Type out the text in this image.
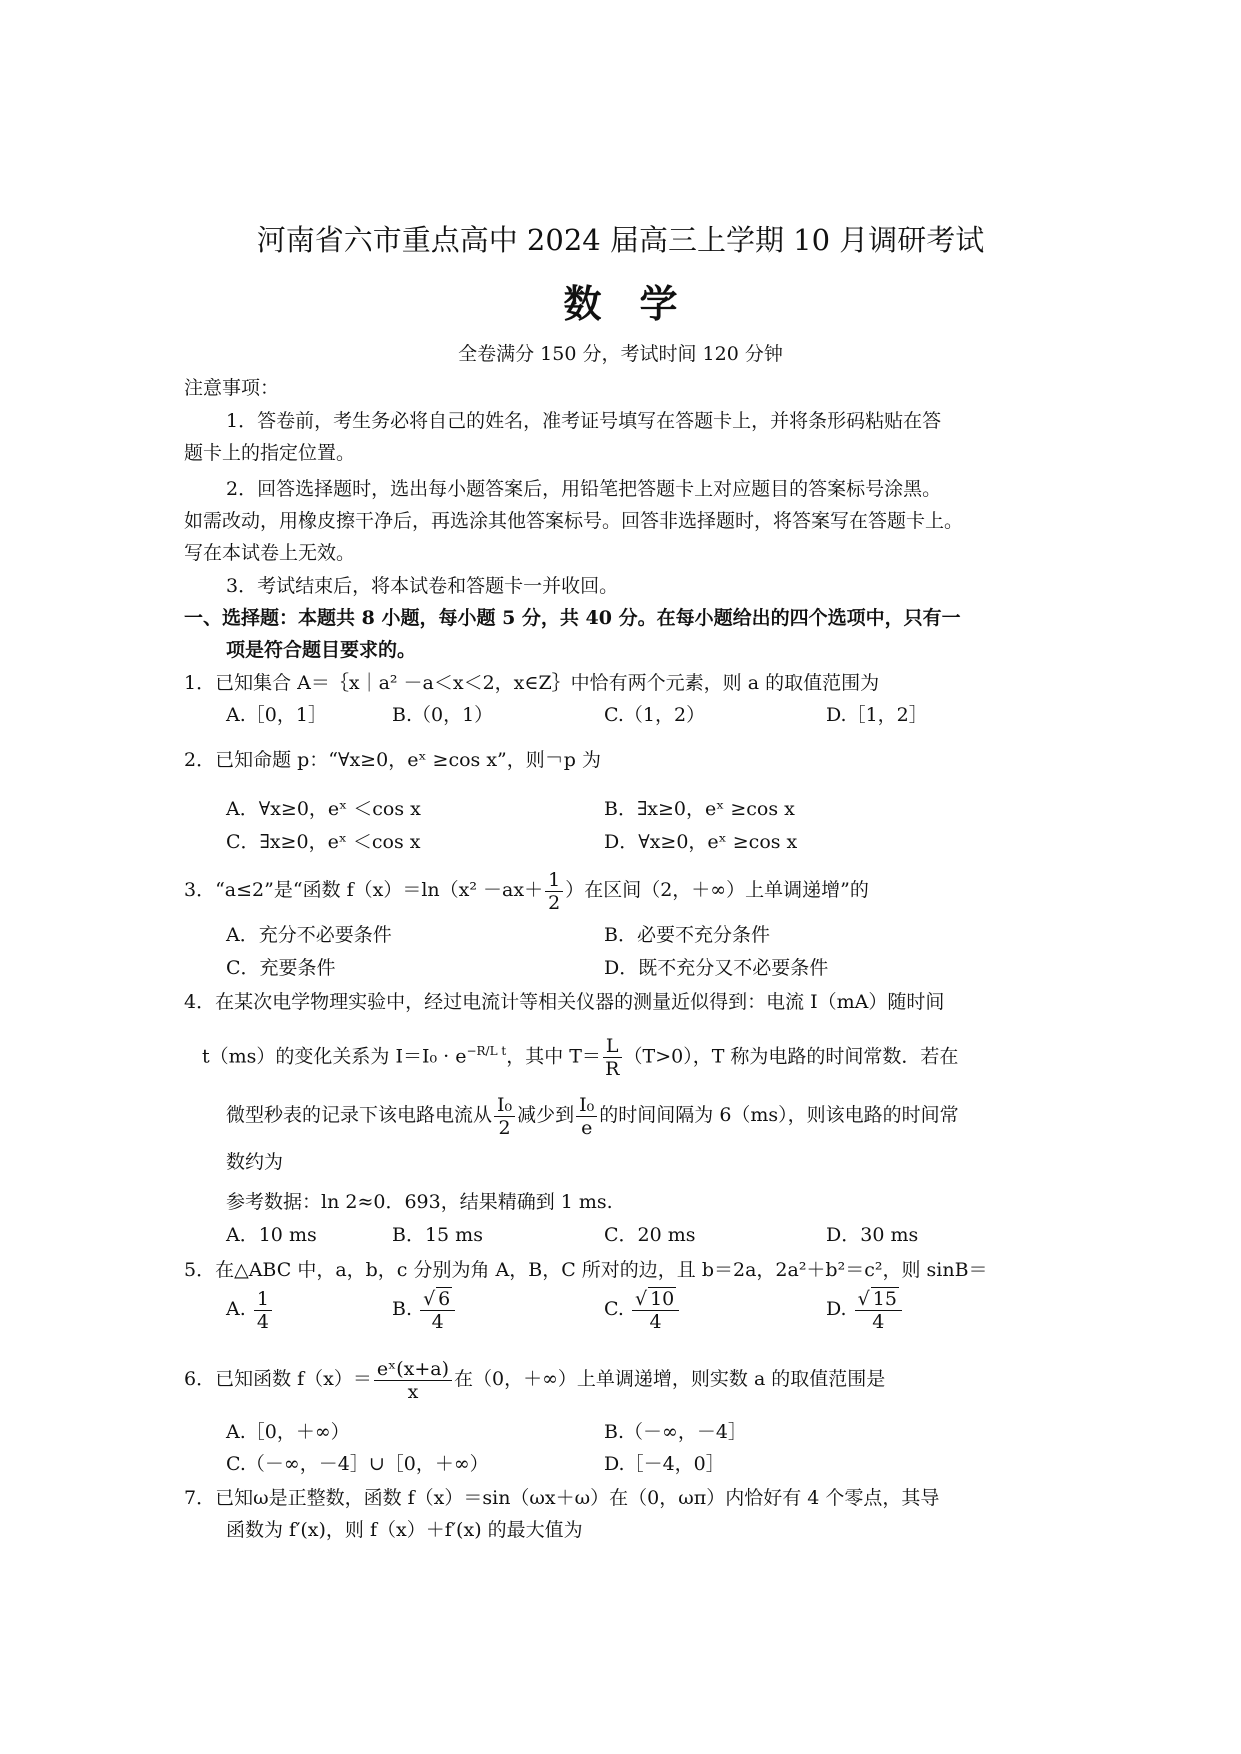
河南省六市重点高中 2024 届高三上学期 10 月调研考试
数学
全卷满分 150 分，考试时间 120 分钟
注意事项：
1．答卷前，考生务必将自己的姓名，准考证号填写在答题卡上，并将条形码粘贴在答
题卡上的指定位置。
2．回答选择题时，选出每小题答案后，用铅笔把答题卡上对应题目的答案标号涂黑。
如需改动，用橡皮擦干净后，再选涂其他答案标号。回答非选择题时，将答案写在答题卡上。
写在本试卷上无效。
3．考试结束后，将本试卷和答题卡一并收回。
一、选择题：本题共 8 小题，每小题 5 分，共 40 分。在每小题给出的四个选项中，只有一
项是符合题目要求的。
1．已知集合 A＝｛x｜a² －a＜x＜2，x∈Z｝中恰有两个元素，则 a 的取值范围为
A.［0，1］	B.（0，1）	C.（1，2）	D.［1，2］
2．已知命题 p：“∀x≥0，eˣ ≥cos x”，则￢p 为
A．∀x≥0，eˣ ＜cos x	B．∃x≥0，eˣ ≥cos x
C．∃x≥0，eˣ ＜cos x	D．∀x≥0，eˣ ≥cos x
3．“a≤2”是“函数 $f(x)=\ln(x^2 -ax+ \frac{1}{2}$ ）在区间（2，＋∞）上单调递增”的
A．充分不必要条件	B．必要不充分条件
C．充要条件	D．既不充分又不必要条件
4．在某次电学物理实验中，经过电流计等相关仪器的测量近似得到：电流 I（mA）随时间
t（ms）的变化关系为 $I=I_0 \cdot e^{-R/L t}$，其中 $T= \frac{L}{R} (T>0)$，T 称为电路的时间常数．若在
微型秒表的记录下该电路电流从 $\frac{\text{I₀}}{2}$ 减少到 $\frac{\text{I₀}}{e}$ 的时间间隔为 6（ms），则该电路的时间常
数约为
参考数据：ln 2≈0．693，结果精确到 1 ms.
A．10 ms	B．15 ms	C．20 ms	D．30 ms
5．在△ABC 中，a，b，c 分别为角 A，B，C 所对的边，且 b＝2a，2a²＋b²＝c²，则 sinB＝
A. $\frac{1}{4}$	B. $\frac{√ 6}{4}$	C. $\frac{√ 10}{4}$	D. $\frac{√ 15}{4}$
6．已知函数 $f(x)= \frac{\text{eˣ(x+a)}}{x}$ 在（0，＋∞）上单调递增，则实数 a 的取值范围是
A.［0，＋∞）	B.（－∞，－4］
C.（－∞，－4］∪［0，＋∞）	D.［－4，0］
7．已知ω是正整数，函数 f（x）＝sin（ωx＋ω）在（0，ωπ）内恰好有 4 个零点，其导
函数为 f′(x)，则 f（x）＋f′(x) 的最大值为
